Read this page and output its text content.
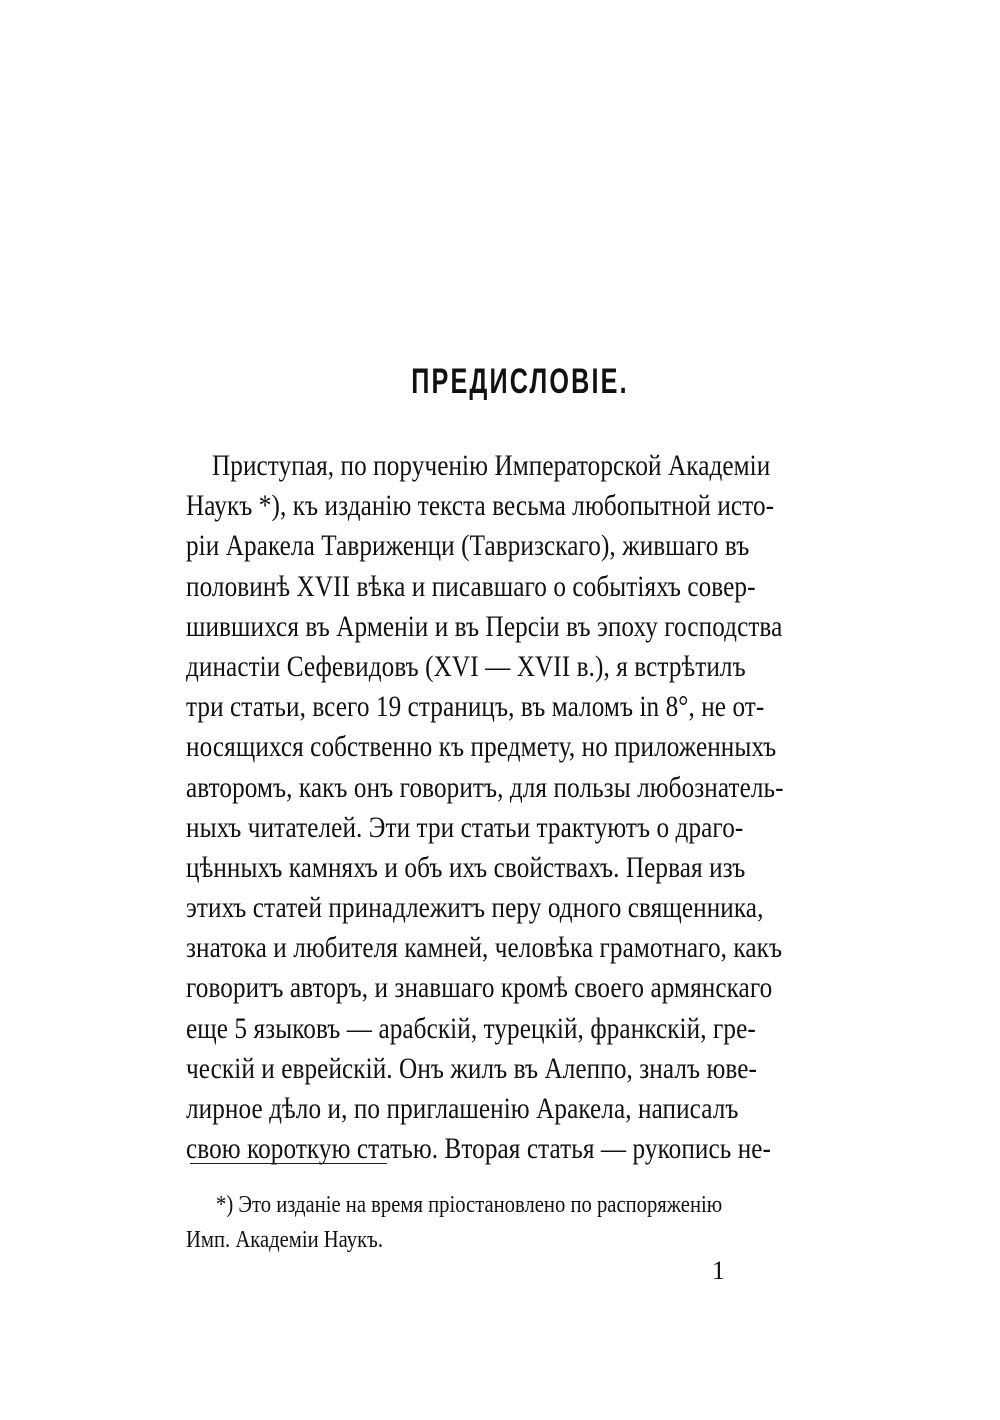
ПРЕДИСЛОВІЕ.
Приступая, по порученію Императорской Академіи
Наукъ *), къ изданію текста весьма любопытной исто-
ріи Аракела Тавриженци (Тавризскаго), жившаго въ
половинѣ XVII вѣка и писавшаго о событіяхъ совер-
шившихся въ Арменіи и въ Персіи въ эпоху господства
династіи Сефевидовъ (XVI — XVII в.), я встрѣтилъ
три статьи, всего 19 страницъ, въ маломъ in 8°, не от-
носящихся собственно къ предмету, но приложенныхъ
авторомъ, какъ онъ говоритъ, для пользы любознатель-
ныхъ читателей. Эти три статьи трактуютъ о драго-
цѣнныхъ камняхъ и объ ихъ свойствахъ. Первая изъ
этихъ статей принадлежитъ перу одного священника,
знатока и любителя камней, человѣка грамотнаго, какъ
говоритъ авторъ, и знавшаго кромѣ своего армянскаго
еще 5 языковъ — арабскій, турецкій, франкскій, гре-
ческій и еврейскій. Онъ жилъ въ Алеппо, зналъ юве-
лирное дѣло и, по приглашенію Аракела, написалъ
свою короткую статью. Вторая статья — рукопись не-
*) Это изданіе на время пріостановлено по распоряженію
Имп. Академіи Наукъ.
1
